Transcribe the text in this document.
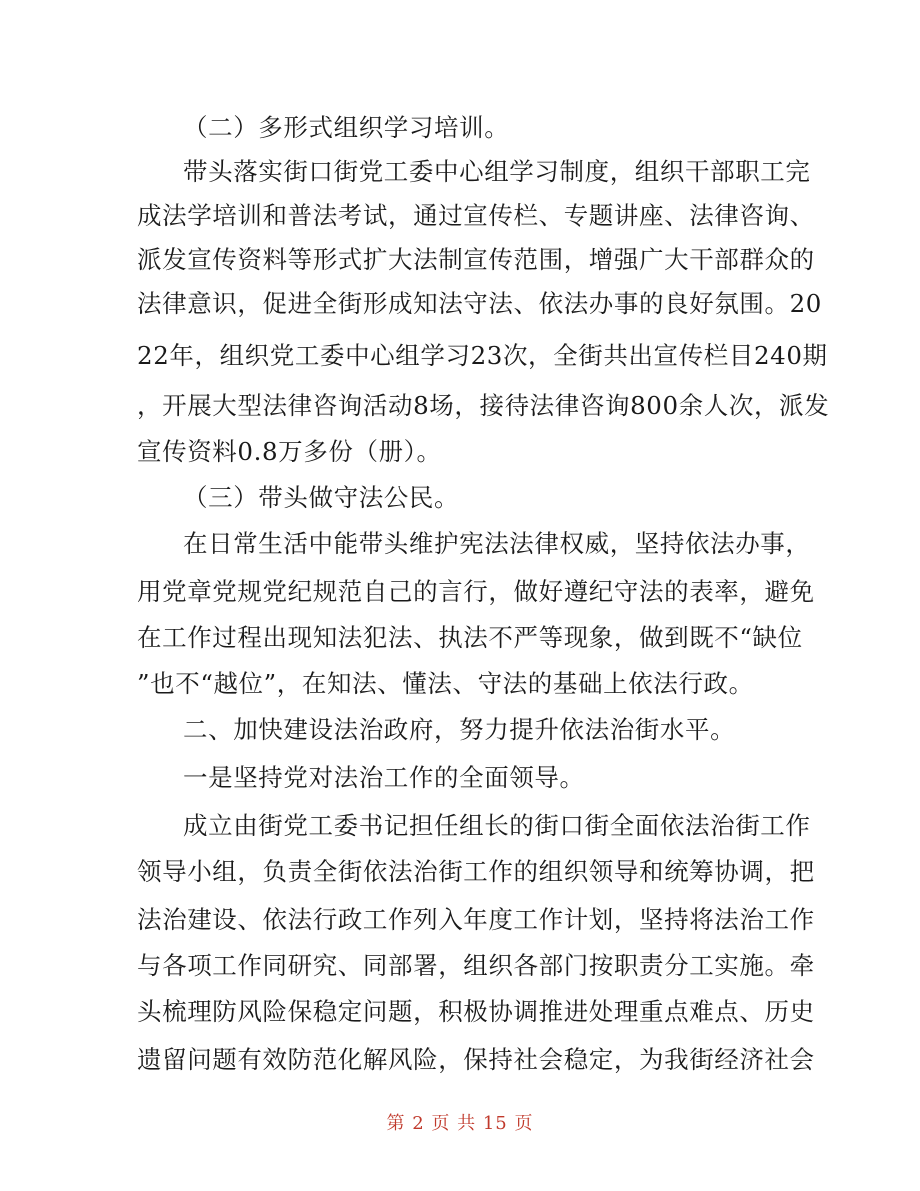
（二）多形式组织学习培训。
带头落实街口街党工委中心组学习制度，组织干部职工完
成法学培训和普法考试，通过宣传栏、专题讲座、法律咨询、
派发宣传资料等形式扩大法制宣传范围，增强广大干部群众的
法律意识，促进全街形成知法守法、依法办事的良好氛围。20
22年，组织党工委中心组学习23次，全街共出宣传栏目240期
，开展大型法律咨询活动8场，接待法律咨询800余人次，派发
宣传资料0.8万多份（册）。
（三）带头做守法公民。
在日常生活中能带头维护宪法法律权威，坚持依法办事，
用党章党规党纪规范自己的言行，做好遵纪守法的表率，避免
在工作过程出现知法犯法、执法不严等现象，做到既不“缺位
”也不“越位”，在知法、懂法、守法的基础上依法行政。
二、加快建设法治政府，努力提升依法治街水平。
一是坚持党对法治工作的全面领导。
成立由街党工委书记担任组长的街口街全面依法治街工作
领导小组，负责全街依法治街工作的组织领导和统筹协调，把
法治建设、依法行政工作列入年度工作计划，坚持将法治工作
与各项工作同研究、同部署，组织各部门按职责分工实施。牵
头梳理防风险保稳定问题，积极协调推进处理重点难点、历史
遗留问题有效防范化解风险，保持社会稳定，为我街经济社会
第 2 页 共 15 页
